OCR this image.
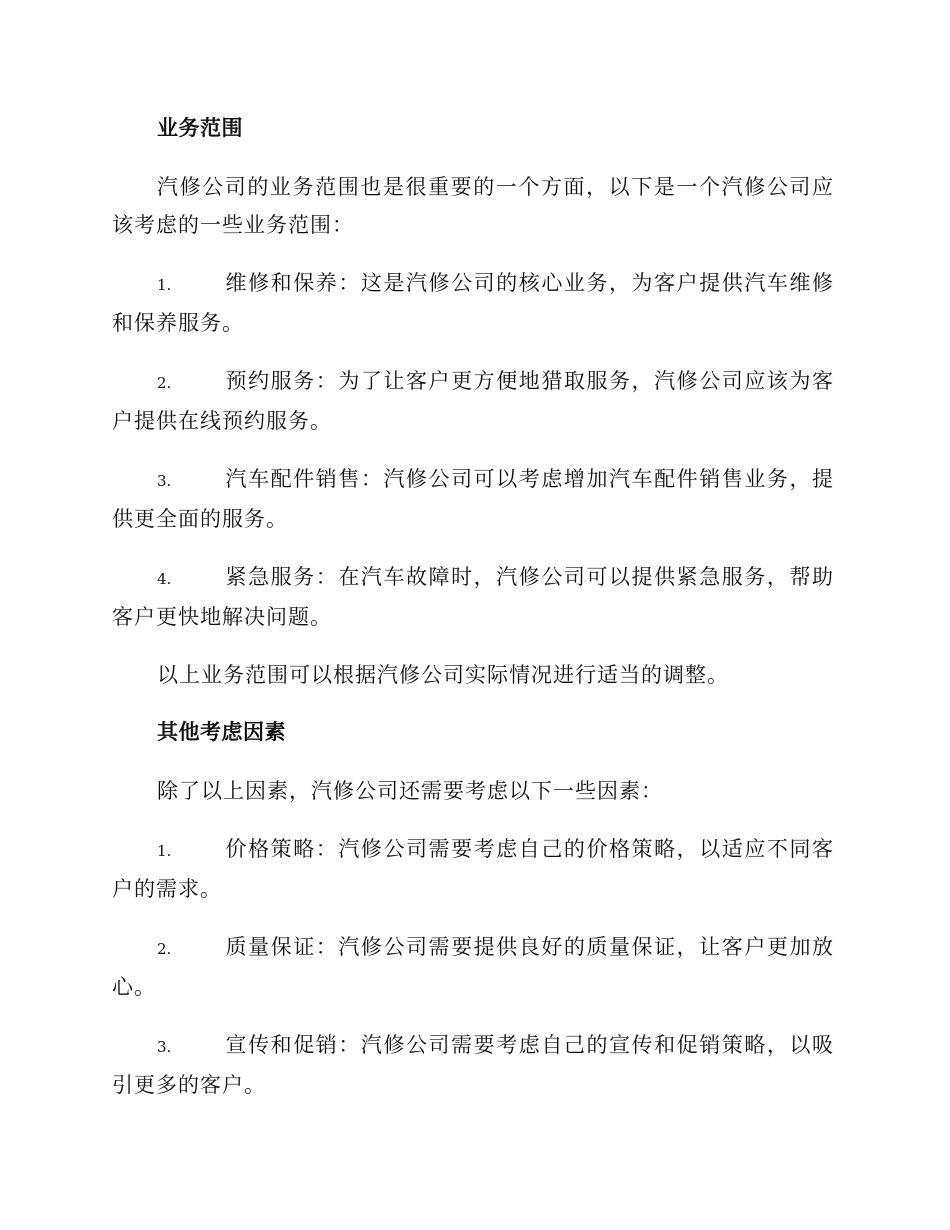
业务范围

汽修公司的业务范围也是很重要的一个方面，以下是一个汽修公司应该考虑的一些业务范围：

1.	维修和保养：这是汽修公司的核心业务，为客户提供汽车维修和保养服务。

2.	预约服务：为了让客户更方便地猎取服务，汽修公司应该为客户提供在线预约服务。

3.	汽车配件销售：汽修公司可以考虑增加汽车配件销售业务，提供更全面的服务。

4.	紧急服务：在汽车故障时，汽修公司可以提供紧急服务，帮助客户更快地解决问题。

以上业务范围可以根据汽修公司实际情况进行适当的调整。

其他考虑因素

除了以上因素，汽修公司还需要考虑以下一些因素：

1.	价格策略：汽修公司需要考虑自己的价格策略，以适应不同客户的需求。

2.	质量保证：汽修公司需要提供良好的质量保证，让客户更加放心。

3.	宣传和促销：汽修公司需要考虑自己的宣传和促销策略，以吸引更多的客户。
